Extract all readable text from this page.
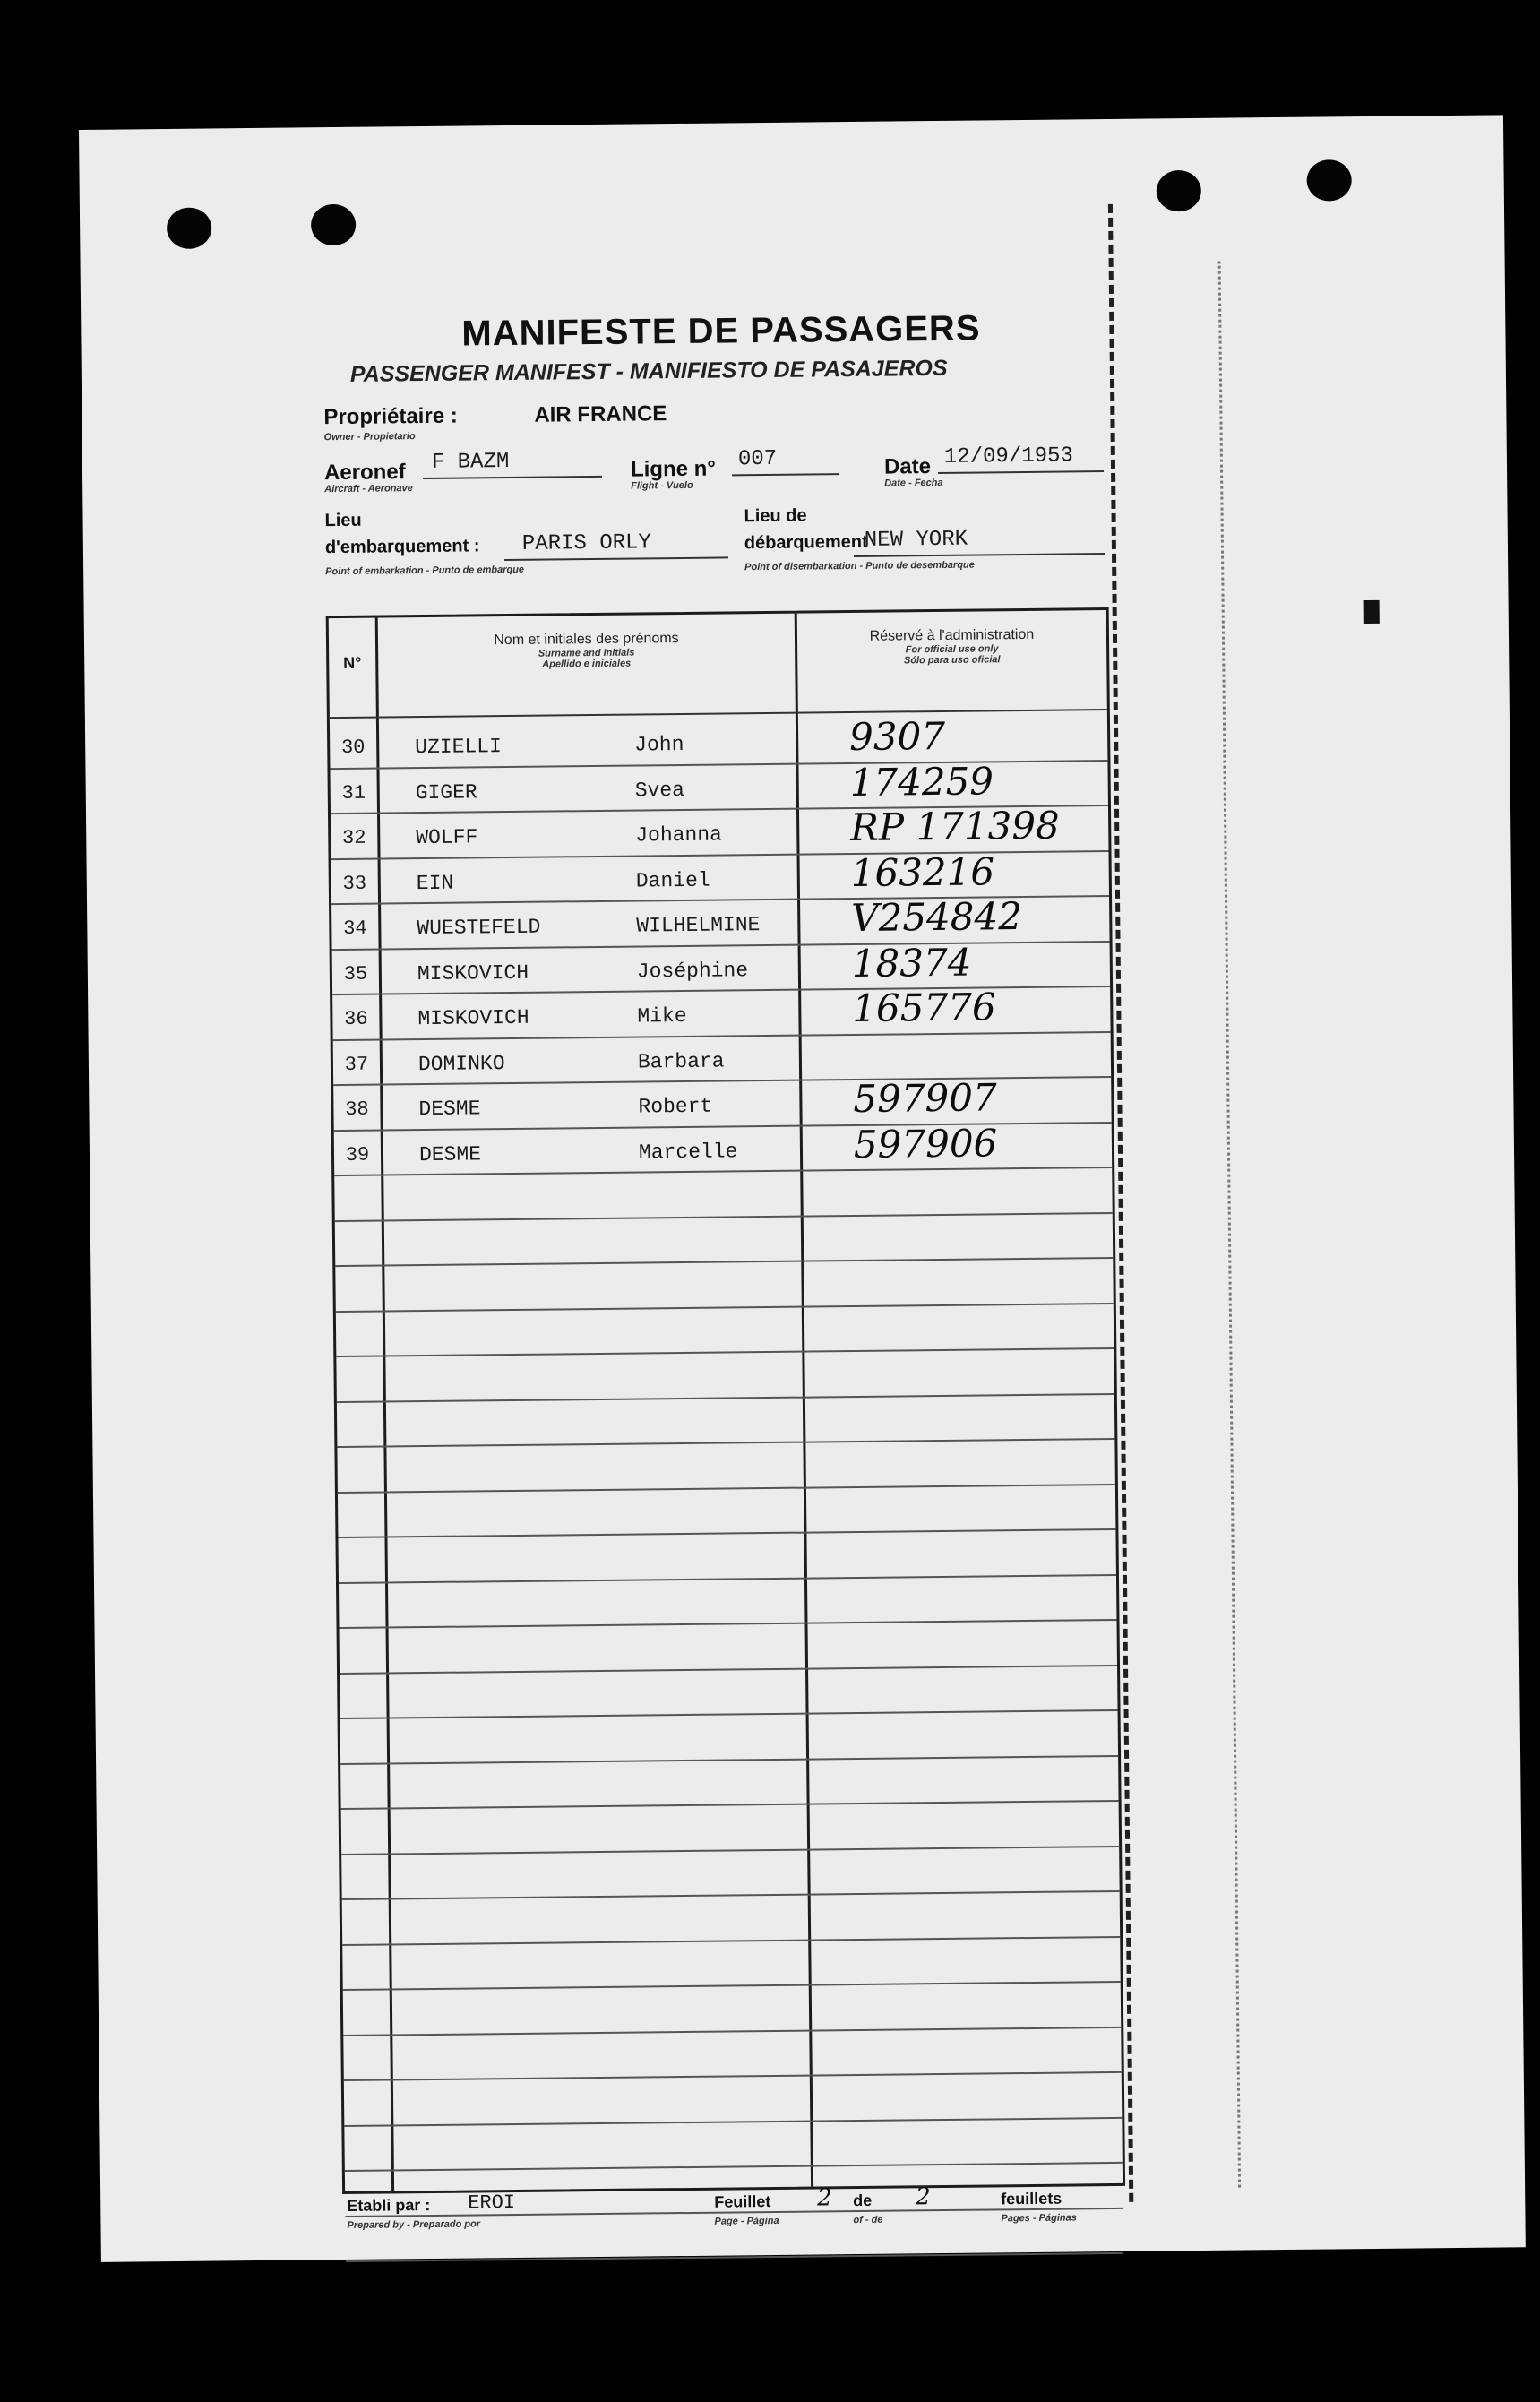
MANIFESTE DE PASSAGERS
PASSENGER MANIFEST - MANIFIESTO DE PASAJEROS
Propriétaire :	AIR FRANCE
Owner - Propietario
Aeronef F BAZM
Aircraft - Aeronave
Ligne n° 007
Flight - Vuelo
Date 12/09/1953
Date - Fecha
Lieu
d'embarquement : PARIS ORLY
Point of embarkation - Punto de embarque
Lieu de
débarquement
NEW YORK
Point of disembarkation - Punto de desembarque
N°
Nom et initiales des prénoms
Surname and Initials
Apellido e iniciales
Réservé à l'administration
For official use only
Sólo para uso oficial
30 UZIELLI	John	9307
31 GIGER	Svea	174259
32 WOLFF	Johanna	RP 171398
33 EIN	Daniel	163216
34 WUESTEFELD	WILHELMINE V254842
35 MISKOVICH	Joséphine	18374
36 MISKOVICH	Mike	165776
37 DOMINKO	Barbara
38 DESME	Robert	597907
39 DESME	Marcelle	597906
Etabli par : EROI
Prepared by - Preparado por
Feuillet 2
Page - Página
de
of - de
2	feuillets
Pages - Páginas
